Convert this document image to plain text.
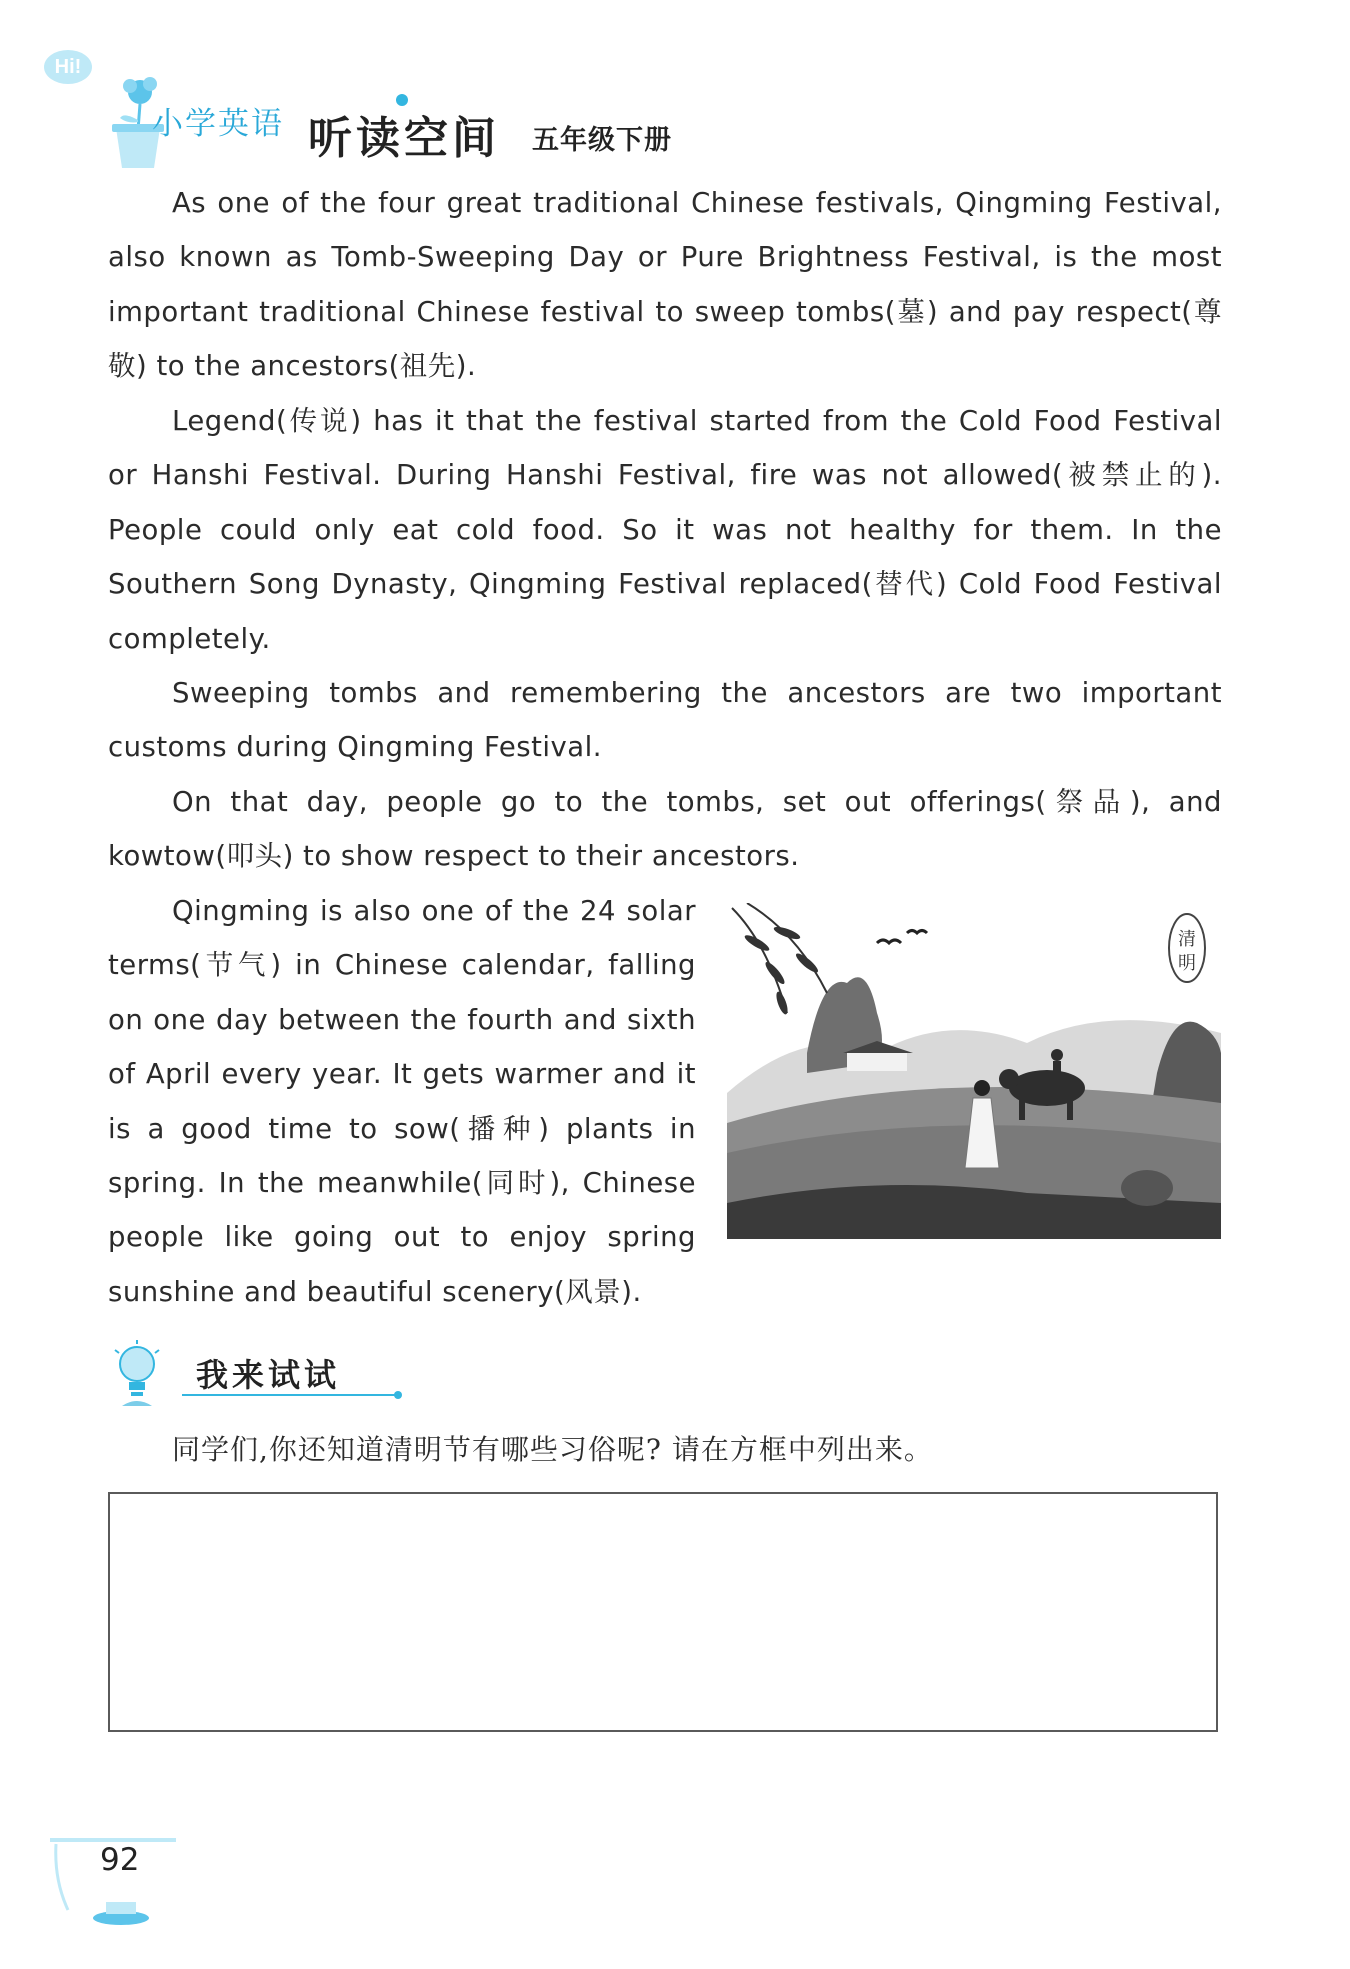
Hi!
小学英语 听读空间 五年级下册

As one of the four great traditional Chinese festivals, Qingming Festival, also known as Tomb-Sweeping Day or Pure Brightness Festival, is the most important traditional Chinese festival to sweep tombs(墓) and pay respect(尊敬) to the ancestors(祖先).

Legend(传说) has it that the festival started from the Cold Food Festival or Hanshi Festival. During Hanshi Festival, fire was not allowed(被禁止的). People could only eat cold food. So it was not healthy for them. In the Southern Song Dynasty, Qingming Festival replaced(替代) Cold Food Festival completely.

Sweeping tombs and remembering the ancestors are two important customs during Qingming Festival.

On that day, people go to the tombs, set out offerings(祭品), and kowtow(叩头) to show respect to their ancestors.

Qingming is also one of the 24 solar terms(节气) in Chinese calendar, falling on one day between the fourth and sixth of April every year. It gets warmer and it is a good time to sow(播种) plants in spring. In the meanwhile(同时), Chinese people like going out to enjoy spring sunshine and beautiful scenery(风景).

清
明
我来试试
同学们,你还知道清明节有哪些习俗呢? 请在方框中列出来。
92
